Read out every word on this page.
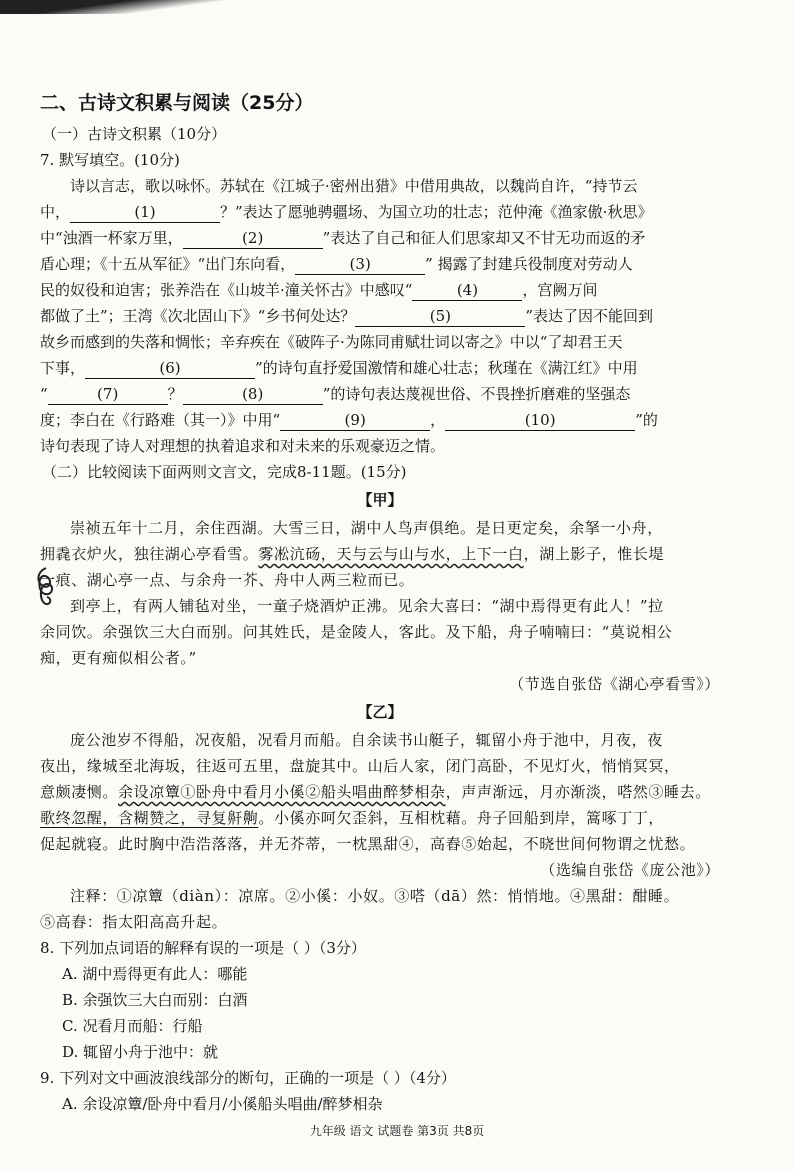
二、古诗文积累与阅读（25分）

（一）古诗文积累（10分）

7. 默写填空。(10分)

诗以言志，歌以咏怀。苏轼在《江城子·密州出猎》中借用典故，以魏尚自许，“持节云

中，	(1)	？”表达了愿驰骋疆场、为国立功的壮志；范仲淹《渔家傲·秋思》

中“浊酒一杯家万里，	(2)	”表达了自己和征人们思家却又不甘无功而返的矛

盾心理；《十五从军征》“出门东向看，	(3)	” 揭露了封建兵役制度对劳动人

民的奴役和迫害；张养浩在《山坡羊·潼关怀古》中感叹“	(4)	，宫阙万间

都做了土”；王湾《次北固山下》“乡书何处达？	(5)	”表达了因不能回到

故乡而感到的失落和惆怅；辛弃疾在《破阵子·为陈同甫赋壮词以寄之》中以“了却君王天

下事，	(6)	”的诗句直抒爱国激情和雄心壮志；秋瑾在《满江红》中用

“	(7)	？	(8)	”的诗句表达蔑视世俗、不畏挫折磨难的坚强态

度；李白在《行路难（其一）》中用“	(9)	，	(10)	”的

诗句表现了诗人对理想的执着追求和对未来的乐观豪迈之情。

（二）比较阅读下面两则文言文，完成8-11题。(15分)

【甲】

崇祯五年十二月，余住西湖。大雪三日，湖中人鸟声俱绝。是日更定矣，余拏一小舟，

拥毳衣炉火，独往湖心亭看雪。雾凇沆砀，天与云与山与水，上下一白，湖上影子，惟长堤

一痕、湖心亭一点、与余舟一芥、舟中人两三粒而已。

到亭上，有两人铺毡对坐，一童子烧酒炉正沸。见余大喜曰：“湖中焉得更有此人！”拉

余同饮。余强饮三大白而别。问其姓氏，是金陵人，客此。及下船，舟子喃喃曰：“莫说相公

痴，更有痴似相公者。”

（节选自张岱《湖心亭看雪》）

【乙】

庞公池岁不得船，况夜船，况看月而船。自余读书山艇子，辄留小舟于池中，月夜，夜

夜出，缘城至北海坂，往返可五里，盘旋其中。山后人家，闭门高卧，不见灯火，悄悄冥冥，

意颇凄恻。余设凉簟①卧舟中看月小傒②船头唱曲醉梦相杂，声声渐远，月亦渐淡，嗒然③睡去。

歌终忽醒，含糊赞之，寻复鼾齁。小傒亦呵欠歪斜，互相枕藉。舟子回船到岸，篙啄丁丁，

促起就寝。此时胸中浩浩落落，并无芥蒂，一枕黑甜④，高舂⑤始起，不晓世间何物谓之忧愁。

（选编自张岱《庞公池》）

注释：①凉簟（diàn）：凉席。②小傒：小奴。③嗒（dā）然：悄悄地。④黑甜：酣睡。

⑤高舂：指太阳高高升起。

8. 下列加点词语的解释有误的一项是（ ）（3分）

A. 湖中焉得更有此人：哪能

B. 余强饮三大白而别：白酒

C. 况看月而船：行船

D. 辄留小舟于池中：就

9. 下列对文中画波浪线部分的断句，正确的一项是（ ）（4分）

A. 余设凉簟/卧舟中看月/小傒船头唱曲/醉梦相杂

九年级 语文 试题卷 第3页 共8页
